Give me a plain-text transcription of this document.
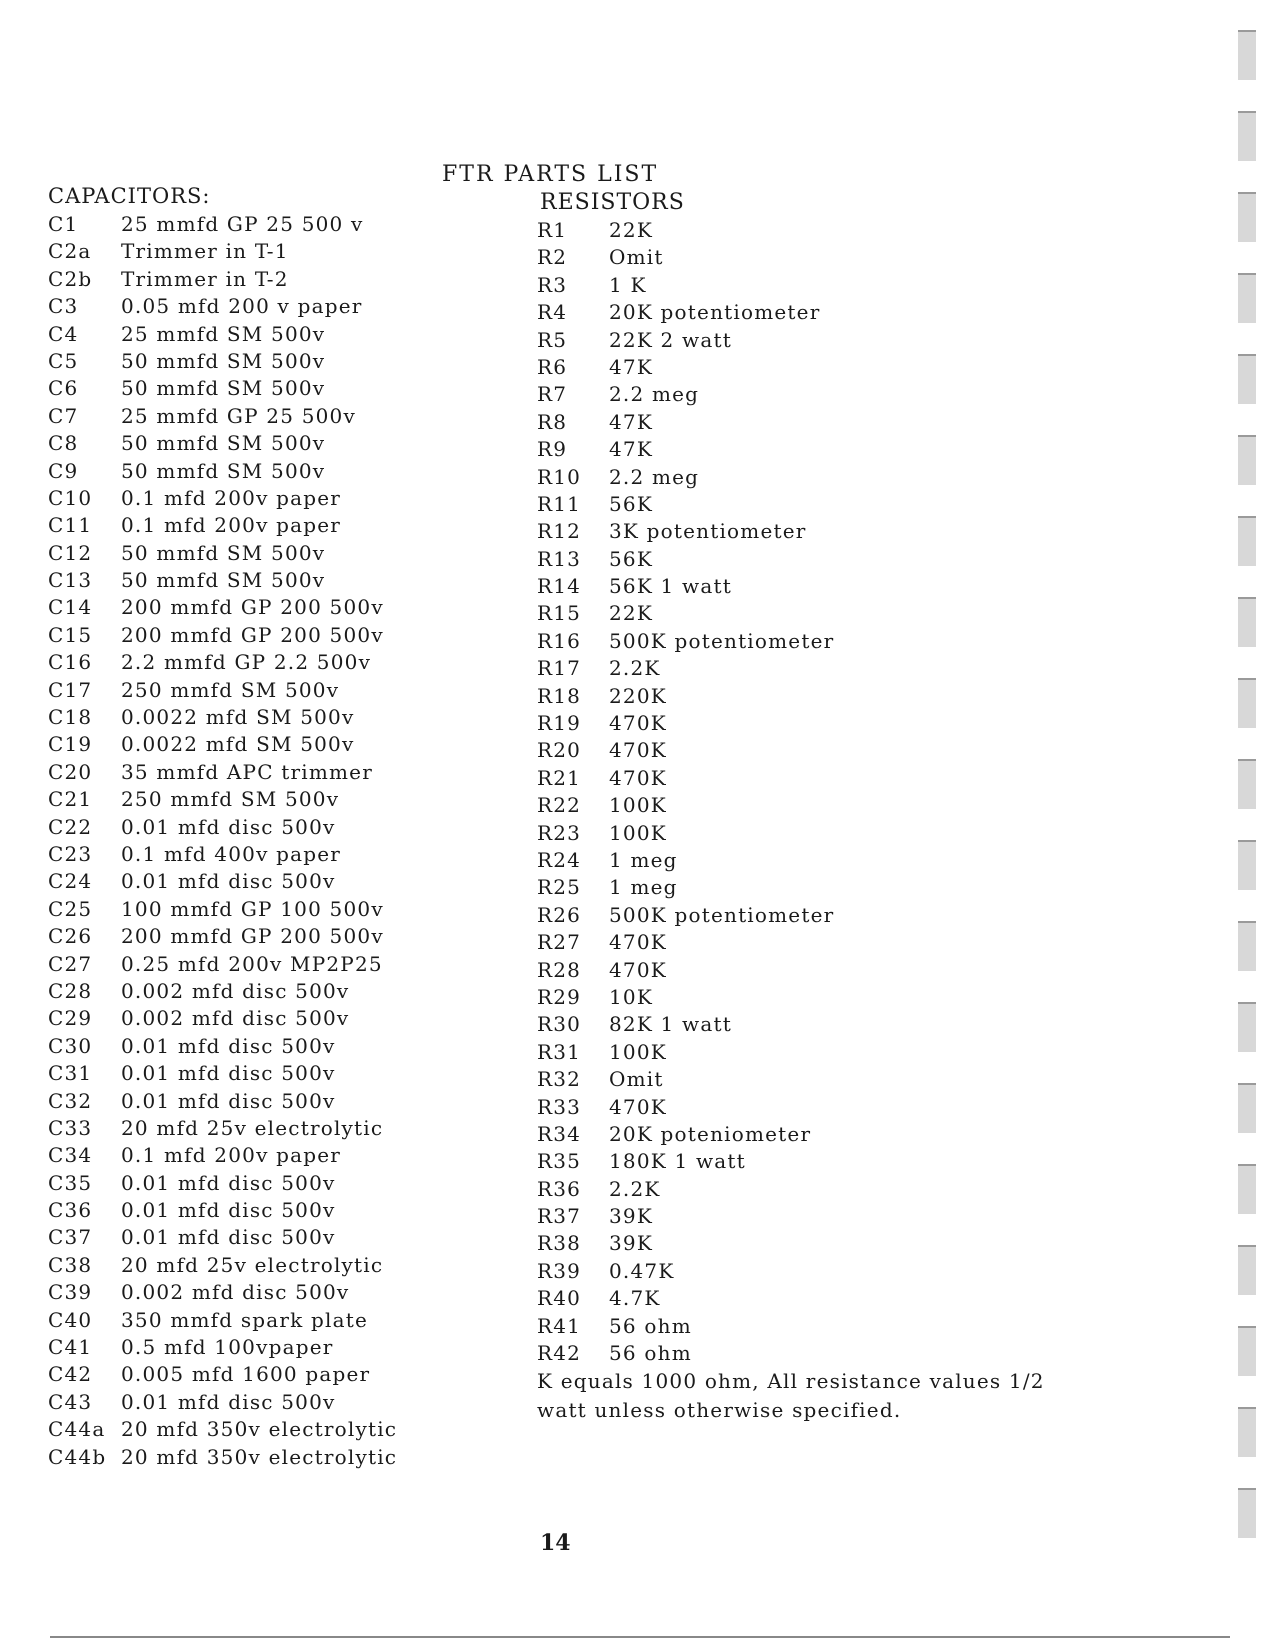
FTR PARTS LIST
CAPACITORS:
C1	25 mmfd GP 25 500 v
C2a	Trimmer in T-1
C2b	Trimmer in T-2
C3	0.05 mfd 200 v paper
C4	25 mmfd SM 500v
C5	50 mmfd SM 500v
C6	50 mmfd SM 500v
C7	25 mmfd GP 25 500v
C8	50 mmfd SM 500v
C9	50 mmfd SM 500v
C10	0.1 mfd 200v paper
C11	0.1 mfd 200v paper
C12	50 mmfd SM 500v
C13	50 mmfd SM 500v
C14	200 mmfd GP 200 500v
C15	200 mmfd GP 200 500v
C16	2.2 mmfd GP 2.2 500v
C17	250 mmfd SM 500v
C18	0.0022 mfd SM 500v
C19	0.0022 mfd SM 500v
C20	35 mmfd APC trimmer
C21	250 mmfd SM 500v
C22	0.01 mfd disc 500v
C23	0.1 mfd 400v paper
C24	0.01 mfd disc 500v
C25	100 mmfd GP 100 500v
C26	200 mmfd GP 200 500v
C27	0.25 mfd 200v MP2P25
C28	0.002 mfd disc 500v
C29	0.002 mfd disc 500v
C30	0.01 mfd disc 500v
C31	0.01 mfd disc 500v
C32	0.01 mfd disc 500v
C33	20 mfd 25v electrolytic
C34	0.1 mfd 200v paper
C35	0.01 mfd disc 500v
C36	0.01 mfd disc 500v
C37	0.01 mfd disc 500v
C38	20 mfd 25v electrolytic
C39	0.002 mfd disc 500v
C40	350 mmfd spark plate
C41	0.5 mfd 100vpaper
C42	0.005 mfd 1600 paper
C43	0.01 mfd disc 500v
C44a 20 mfd 350v electrolytic
C44b 20 mfd 350v electrolytic
RESISTORS
R1	22K
R2	Omit
R3	1 K
R4	20K potentiometer
R5	22K 2 watt
R6	47K
R7	2.2 meg
R8	47K
R9	47K
R10	2.2 meg
R11	56K
R12	3K potentiometer
R13	56K
R14	56K 1 watt
R15	22K
R16	500K potentiometer
R17	2.2K
R18	220K
R19	470K
R20	470K
R21	470K
R22	100K
R23	100K
R24	1 meg
R25	1 meg
R26	500K potentiometer
R27	470K
R28	470K
R29	10K
R30	82K 1 watt
R31	100K
R32	Omit
R33	470K
R34	20K poteniometer
R35	180K 1 watt
R36	2.2K
R37	39K
R38	39K
R39	0.47K
R40	4.7K
R41	56 ohm
R42	56 ohm

K equals 1000 ohm, All resistance values 1/2 watt unless otherwise specified.

14
